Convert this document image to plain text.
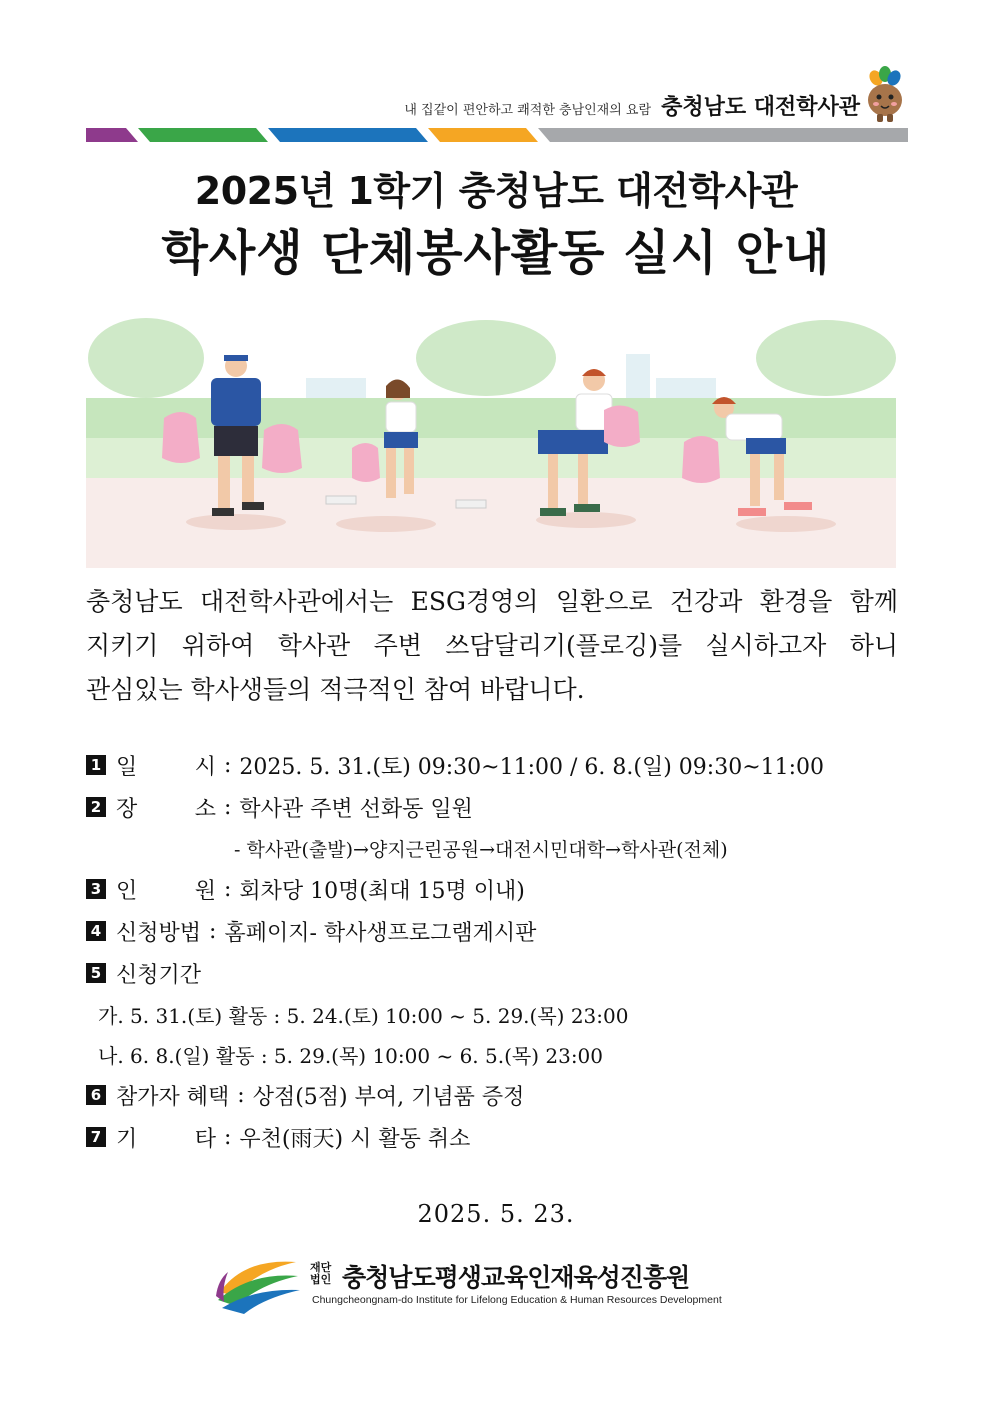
내 집같이 편안하고 쾌적한 충남인재의 요람 충청남도 대전학사관
2025년 1학기 충청남도 대전학사관
학사생 단체봉사활동 실시 안내

충청남도 대전학사관에서는 ESG경영의 일환으로 건강과 환경을 함께

지키기 위하여 학사관 주변 쓰담달리기(플로깅)를 실시하고자 하니

관심있는 학사생들의 적극적인 참여 바랍니다.

1 일	시 : 2025. 5. 31.(토) 09:30~11:00 / 6. 8.(일) 09:30~11:00
2 장	소 : 학사관 주변 선화동 일원
- 학사관(출발)→양지근린공원→대전시민대학→학사관(전체)
3 인	원 : 회차당 10명(최대 15명 이내)
4 신청방법 : 홈페이지- 학사생프로그램게시판
5 신청기간
가. 5. 31.(토) 활동 : 5. 24.(토) 10:00 ~ 5. 29.(목) 23:00
나. 6. 8.(일) 활동 : 5. 29.(목) 10:00 ~ 6. 5.(목) 23:00
6 참가자 혜택 : 상점(5점) 부여, 기념품 증정
7 기	타 : 우천(雨天) 시 활동 취소
2025. 5. 23.
재단법인 충청남도평생교육인재육성진흥원
Chungcheongnam-do Institute for Lifelong Education & Human Resources Development
